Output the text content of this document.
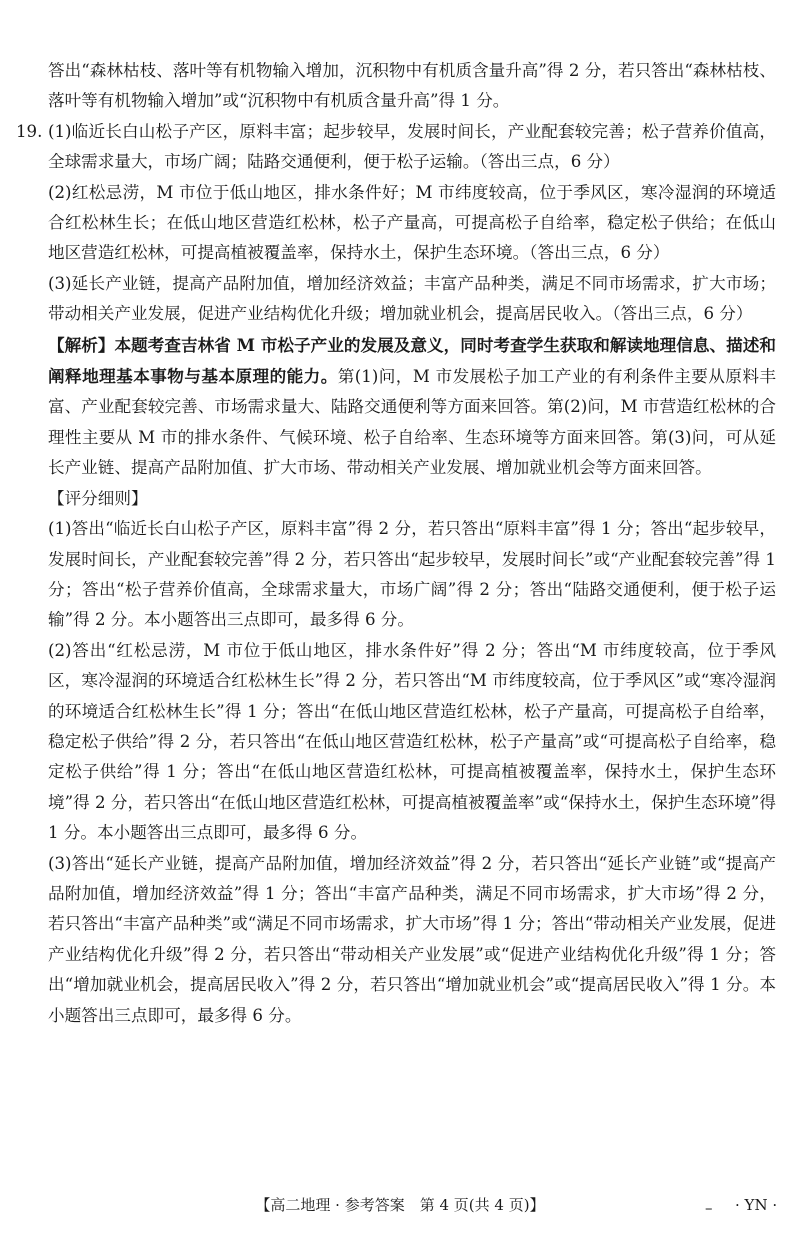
答出“森林枯枝、落叶等有机物输入增加，沉积物中有机质含量升高”得 2 分，若只答出“森林枯枝、落叶等有机物输入增加”或“沉积物中有机质含量升高”得 1 分。

19. (1)临近长白山松子产区，原料丰富；起步较早，发展时间长，产业配套较完善；松子营养价值高，全球需求量大，市场广阔；陆路交通便利，便于松子运输。（答出三点，6 分）

(2)红松忌涝，M 市位于低山地区，排水条件好；M 市纬度较高，位于季风区，寒冷湿润的环境适合红松林生长；在低山地区营造红松林，松子产量高，可提高松子自给率，稳定松子供给；在低山地区营造红松林，可提高植被覆盖率，保持水土，保护生态环境。（答出三点，6 分）

(3)延长产业链，提高产品附加值，增加经济效益；丰富产品种类，满足不同市场需求，扩大市场；带动相关产业发展，促进产业结构优化升级；增加就业机会，提高居民收入。（答出三点，6 分）

【解析】本题考查吉林省 M 市松子产业的发展及意义，同时考查学生获取和解读地理信息、描述和阐释地理基本事物与基本原理的能力。第(1)问，M 市发展松子加工产业的有利条件主要从原料丰富、产业配套较完善、市场需求量大、陆路交通便利等方面来回答。第(2)问，M 市营造红松林的合理性主要从 M 市的排水条件、气候环境、松子自给率、生态环境等方面来回答。第(3)问，可从延长产业链、提高产品附加值、扩大市场、带动相关产业发展、增加就业机会等方面来回答。

【评分细则】

(1)答出“临近长白山松子产区，原料丰富”得 2 分，若只答出“原料丰富”得 1 分；答出“起步较早，发展时间长，产业配套较完善”得 2 分，若只答出“起步较早，发展时间长”或“产业配套较完善”得 1 分；答出“松子营养价值高，全球需求量大，市场广阔”得 2 分；答出“陆路交通便利，便于松子运输”得 2 分。本小题答出三点即可，最多得 6 分。

(2)答出“红松忌涝，M 市位于低山地区，排水条件好”得 2 分；答出“M 市纬度较高，位于季风区，寒冷湿润的环境适合红松林生长”得 2 分，若只答出“M 市纬度较高，位于季风区”或“寒冷湿润的环境适合红松林生长”得 1 分；答出“在低山地区营造红松林，松子产量高，可提高松子自给率，稳定松子供给”得 2 分，若只答出“在低山地区营造红松林，松子产量高”或“可提高松子自给率，稳定松子供给”得 1 分；答出“在低山地区营造红松林，可提高植被覆盖率，保持水土，保护生态环境”得 2 分，若只答出“在低山地区营造红松林，可提高植被覆盖率”或“保持水土，保护生态环境”得 1 分。本小题答出三点即可，最多得 6 分。

(3)答出“延长产业链，提高产品附加值，增加经济效益”得 2 分，若只答出“延长产业链”或“提高产品附加值，增加经济效益”得 1 分；答出“丰富产品种类，满足不同市场需求，扩大市场”得 2 分，若只答出“丰富产品种类”或“满足不同市场需求，扩大市场”得 1 分；答出“带动相关产业发展，促进产业结构优化升级”得 2 分，若只答出“带动相关产业发展”或“促进产业结构优化升级”得 1 分；答出“增加就业机会，提高居民收入”得 2 分，若只答出“增加就业机会”或“提高居民收入”得 1 分。本小题答出三点即可，最多得 6 分。

【高二地理 · 参考答案　第 4 页(共 4 页)】	– · YN ·
